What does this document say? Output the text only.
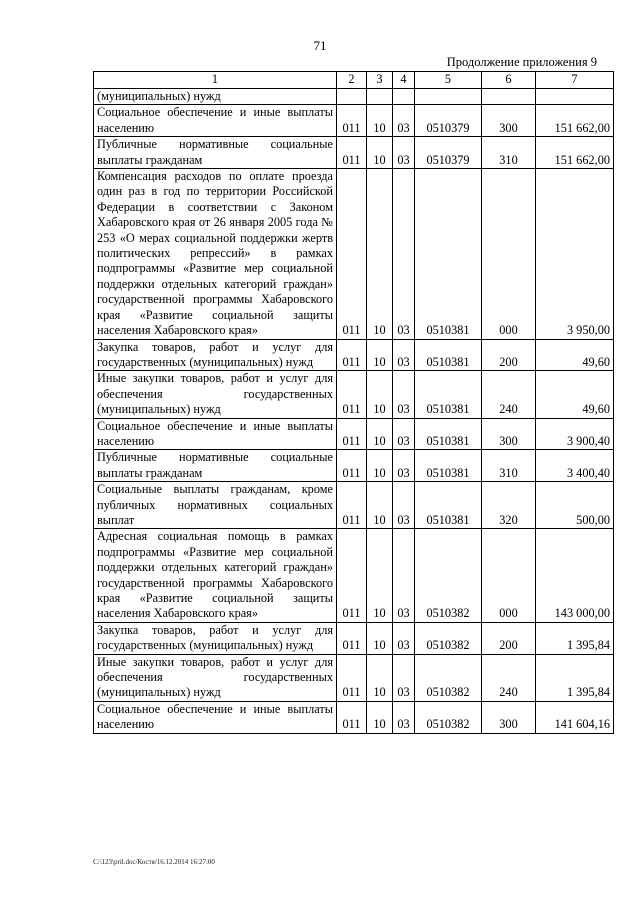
71
Продолжение приложения 9
1	2	3	4	5	6	7
(муниципальных) нужд						
Социальное обеспечение и иные выплаты населению	011	10	03	0510379	300	151 662,00
Публичные нормативные социальные выплаты гражданам	011	10	03	0510379	310	151 662,00
Компенсация расходов по оплате проезда один раз в год по территории Российской Федерации в соответствии с Законом Хабаровского края от 26 января 2005 года № 253 «О мерах социальной поддержки жертв политических репрессий» в рамках подпрограммы «Развитие мер социальной поддержки отдельных категорий граждан» государственной программы Хабаровского края «Развитие социальной защиты населения Хабаровского края»	011	10	03	0510381	000	3 950,00
Закупка товаров, работ и услуг для государственных (муниципальных) нужд	011	10	03	0510381	200	49,60
Иные закупки товаров, работ и услуг для обеспечения государственных (муниципальных) нужд	011	10	03	0510381	240	49,60
Социальное обеспечение и иные выплаты населению	011	10	03	0510381	300	3 900,40
Публичные нормативные социальные выплаты гражданам	011	10	03	0510381	310	3 400,40
Социальные выплаты гражданам, кроме публичных нормативных социальных выплат	011	10	03	0510381	320	500,00
Адресная социальная помощь в рамках подпрограммы «Развитие мер социальной поддержки отдельных категорий граждан» государственной программы Хабаровского края «Развитие социальной защиты населения Хабаровского края»	011	10	03	0510382	000	143 000,00
Закупка товаров, работ и услуг для государственных (муниципальных) нужд	011	10	03	0510382	200	1 395,84
Иные закупки товаров, работ и услуг для обеспечения государственных (муниципальных) нужд	011	10	03	0510382	240	1 395,84
Социальное обеспечение и иные выплаты населению	011	10	03	0510382	300	141 604,16
C:\123\pril.doc/Костя/16.12.2014 16:27:00
